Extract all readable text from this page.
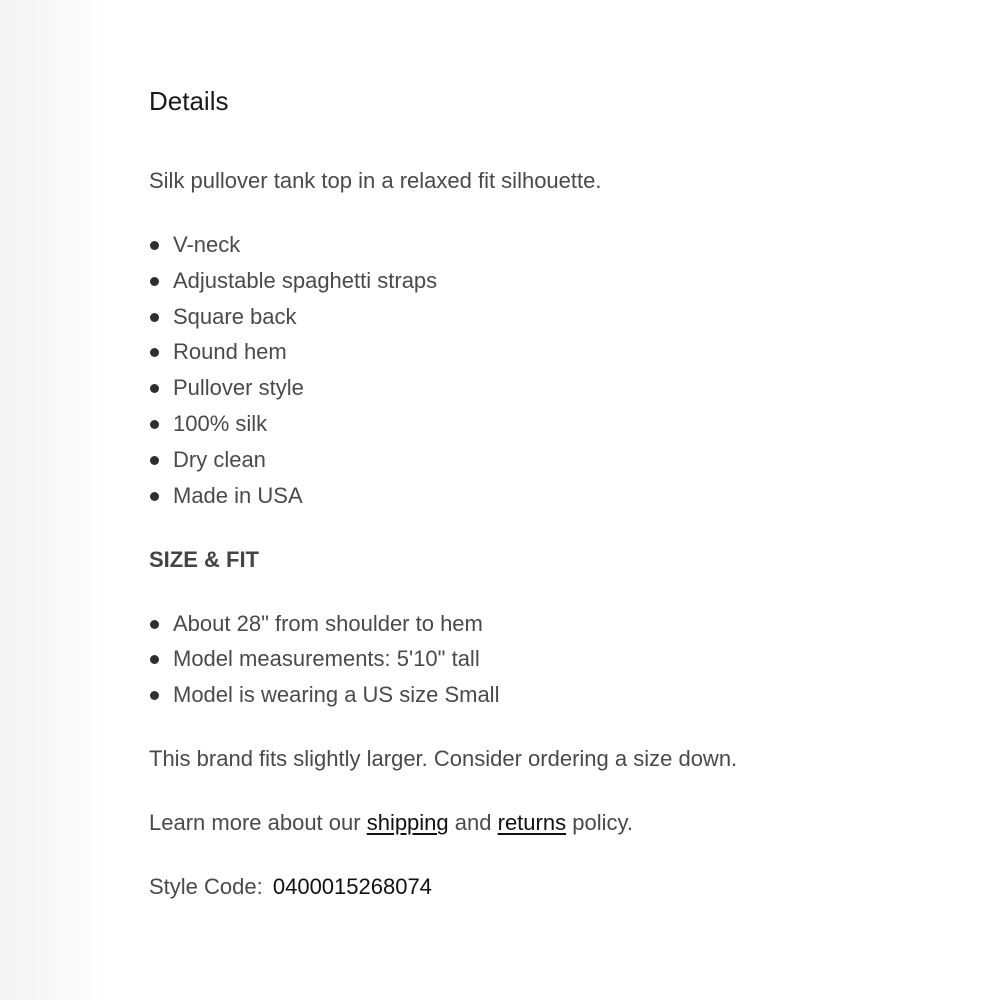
Details

Silk pullover tank top in a relaxed fit silhouette.

V-neck
Adjustable spaghetti straps
Square back
Round hem
Pullover style
100% silk
Dry clean
Made in USA

SIZE & FIT

About 28" from shoulder to hem
Model measurements: 5'10" tall
Model is wearing a US size Small

This brand fits slightly larger. Consider ordering a size down.

Learn more about our shipping and returns policy.

Style Code: 0400015268074
